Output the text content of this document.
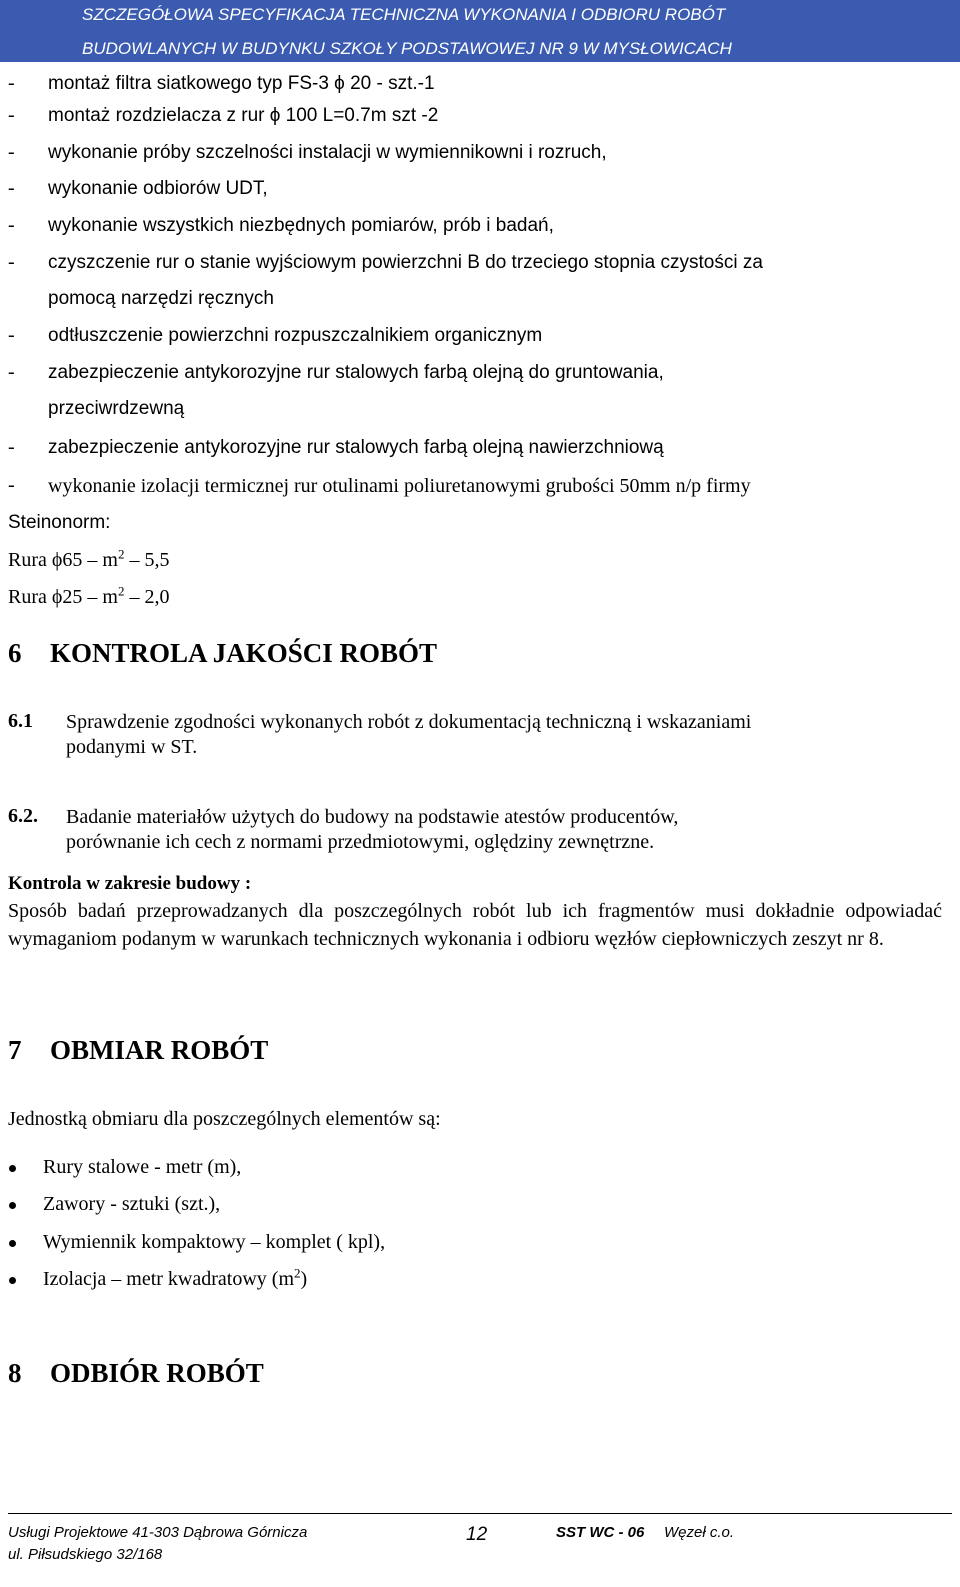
SZCZEGÓŁOWA SPECYFIKACJA TECHNICZNA WYKONANIA I ODBIORU ROBÓT
BUDOWLANYCH W BUDYNKU SZKOŁY PODSTAWOWEJ NR 9 W MYSŁOWICACH
- montaż filtra siatkowego typ FS-3 ϕ 20 - szt.-1
- montaż rozdzielacza z rur ϕ 100 L=0.7m szt -2
- wykonanie próby szczelności instalacji w wymiennikowni i rozruch,
- wykonanie odbiorów UDT,
- wykonanie wszystkich niezbędnych pomiarów, prób i badań,
- czyszczenie rur o stanie wyjściowym powierzchni B do trzeciego stopnia czystości za
pomocą narzędzi ręcznych
- odtłuszczenie powierzchni rozpuszczalnikiem organicznym
- zabezpieczenie antykorozyjne rur stalowych farbą olejną do gruntowania,
przeciwrdzewną
- zabezpieczenie antykorozyjne rur stalowych farbą olejną nawierzchniową
- wykonanie izolacji termicznej rur otulinami poliuretanowymi grubości 50mm n/p firmy
Steinonorm:
Rura $\phi 65 - m^2 - 5,5$
Rura $\phi 25 - m^2 - 2,0$
6 KONTROLA JAKOŚCI ROBÓT
6.1 Sprawdzenie zgodności wykonanych robót z dokumentacją techniczną i wskazaniami
podanymi w ST.
6.2. Badanie materiałów użytych do budowy na podstawie atestów producentów,
porównanie ich cech z normami przedmiotowymi, oględziny zewnętrzne.
Kontrola w zakresie budowy :
Sposób badań przeprowadzanych dla poszczególnych robót lub ich fragmentów musi dokładnie odpowiadać wymaganiom podanym w warunkach technicznych wykonania i odbioru węzłów ciepłowniczych zeszyt nr 8.
7 OBMIAR ROBÓT
Jednostką obmiaru dla poszczególnych elementów są:
Rury stalowe - metr (m),
Zawory - sztuki (szt.),
Wymiennik kompaktowy – komplet ( kpl),
Izolacja – metr kwadratowy $(m^2)$
8 ODBIÓR ROBÓT
Usługi Projektowe 41-303 Dąbrowa Górnicza
ul. Piłsudskiego 32/168
12	SST WC - 06 Węzeł c.o.
